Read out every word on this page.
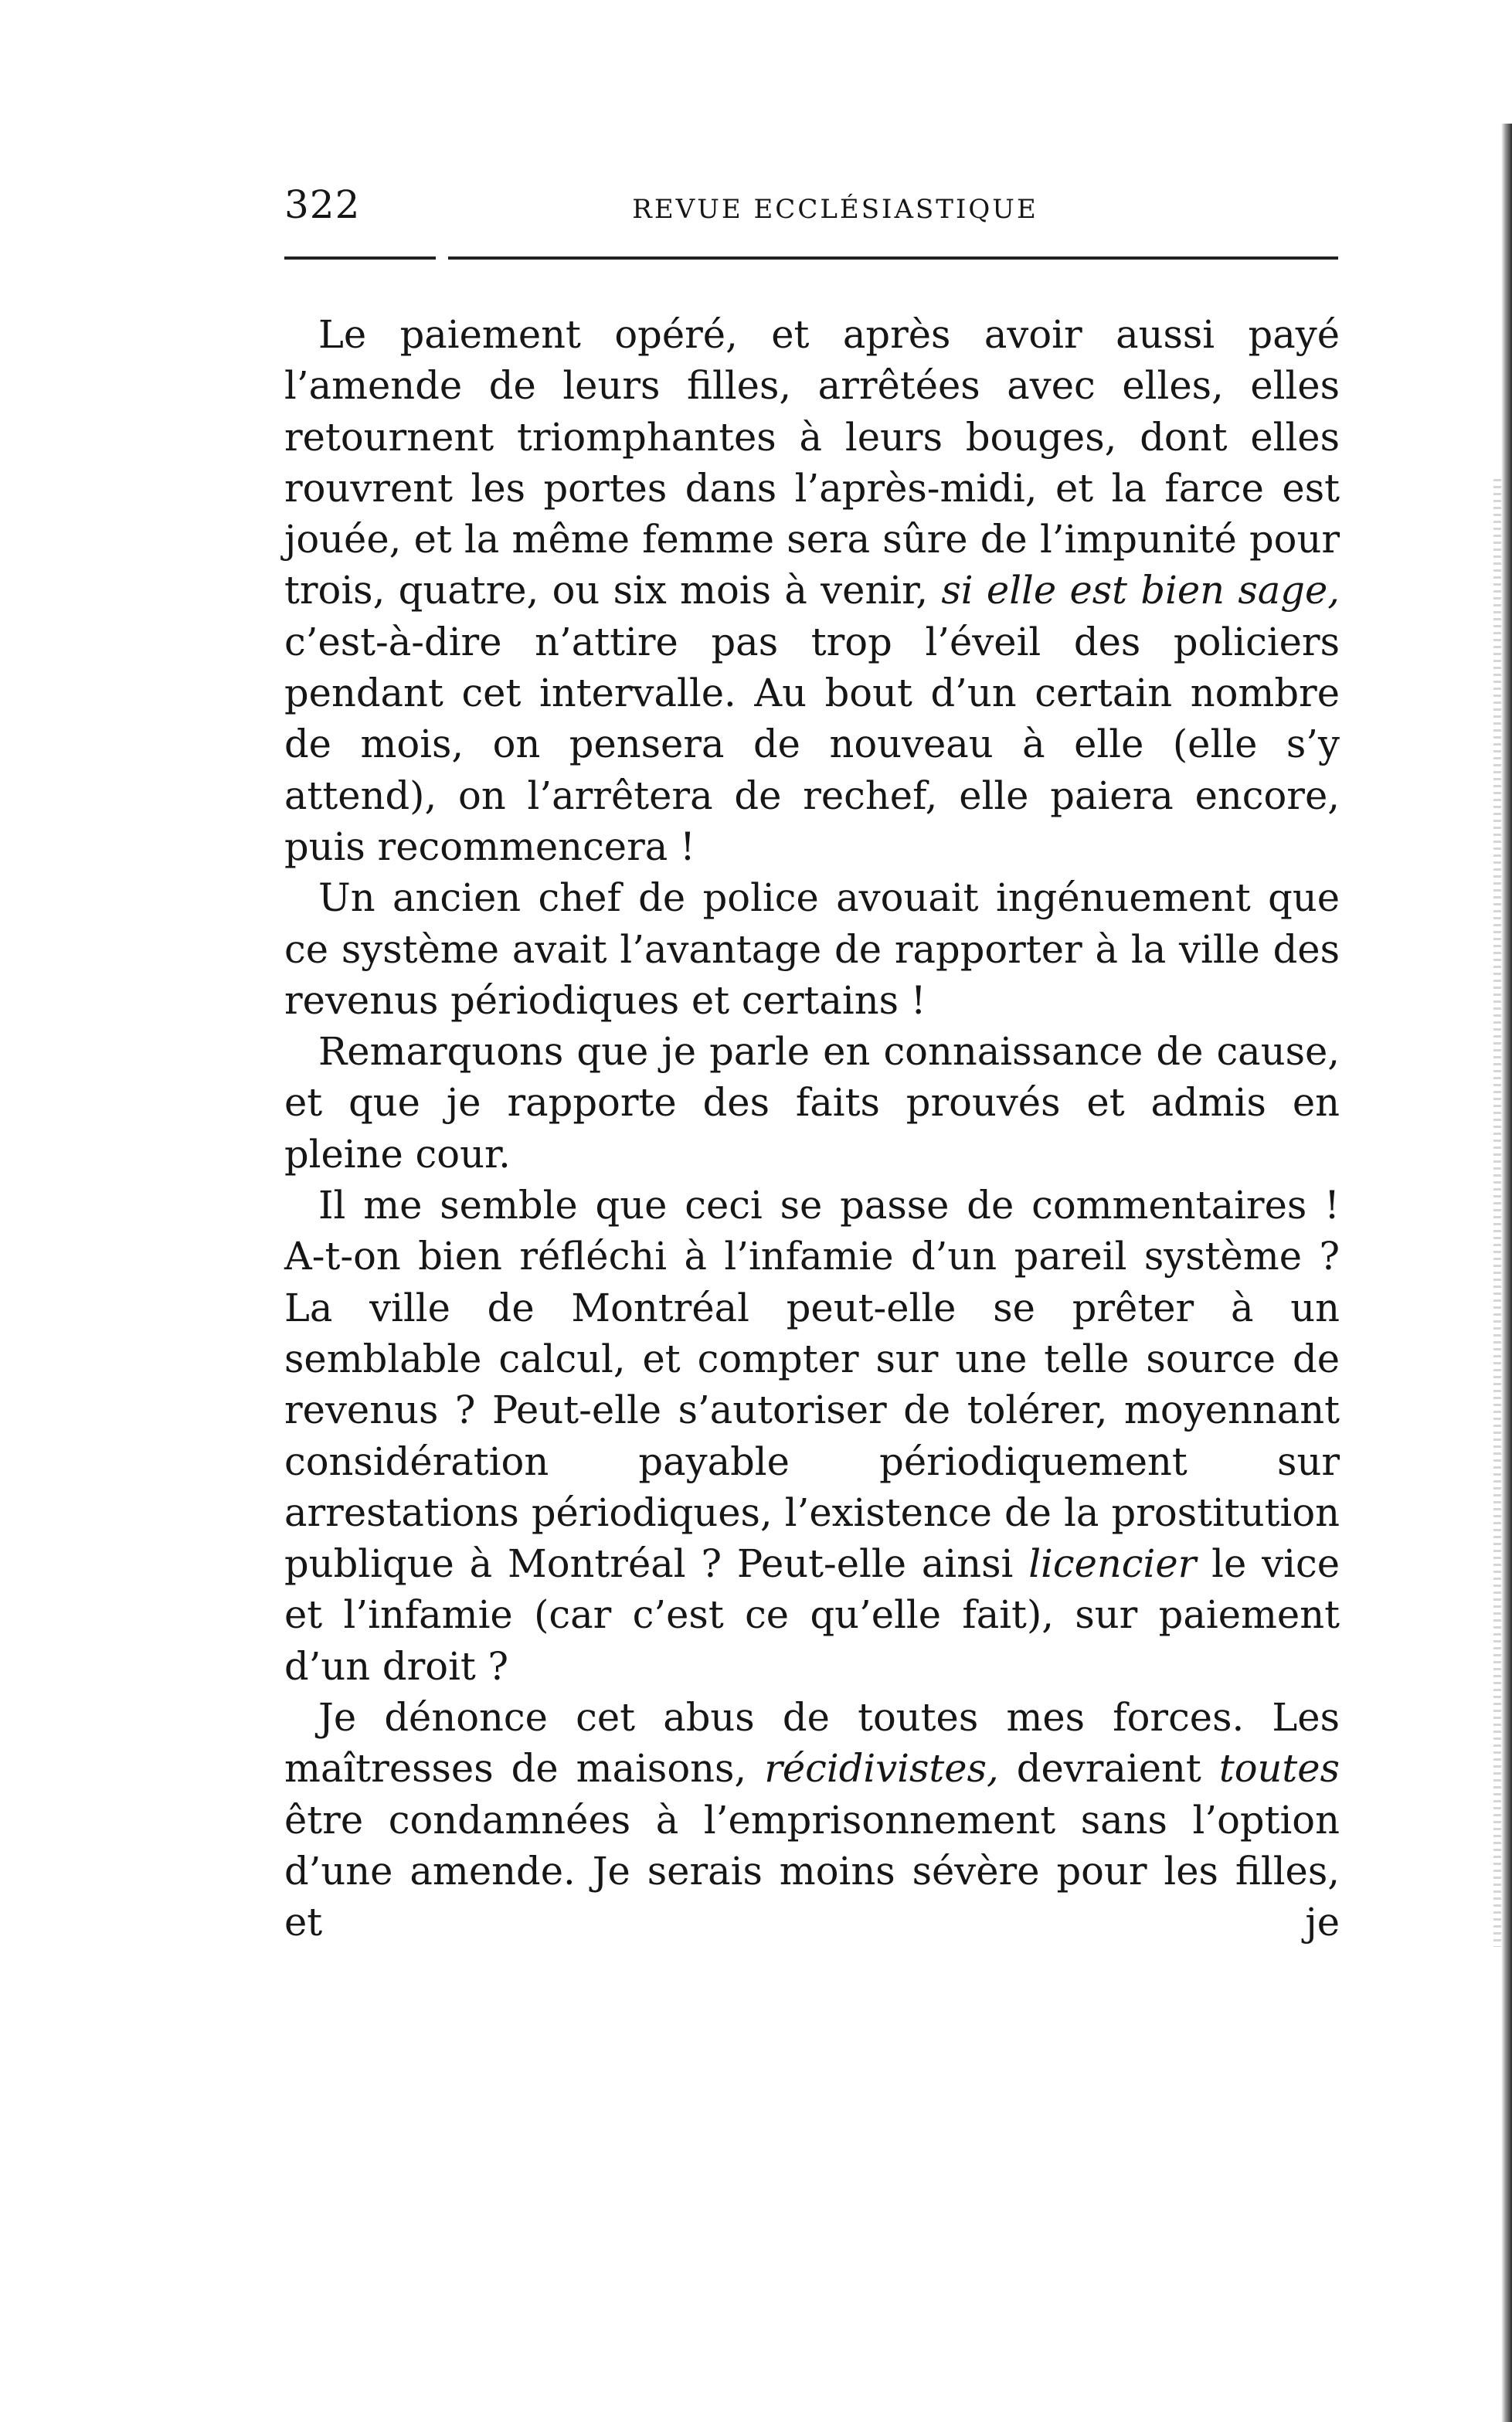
322	REVUE ECCLÉSIASTIQUE

Le paiement opéré, et après avoir aussi payé l’amende de leurs filles, arrêtées avec elles, elles retournent triomphantes à leurs bouges, dont elles rouvrent les portes dans l’après-midi, et la farce est jouée, et la même femme sera sûre de l’impunité pour trois, quatre, ou six mois à venir, si elle est bien sage, c’est-à-dire n’attire pas trop l’éveil des policiers pendant cet intervalle. Au bout d’un certain nombre de mois, on pensera de nouveau à elle (elle s’y attend), on l’arrêtera de rechef, elle paiera encore, puis recommencera !

Un ancien chef de police avouait ingénuement que ce système avait l’avantage de rapporter à la ville des revenus périodiques et certains !

Remarquons que je parle en connaissance de cause, et que je rapporte des faits prouvés et admis en pleine cour.

Il me semble que ceci se passe de commentaires ! A-t-on bien réfléchi à l’infamie d’un pareil système ? La ville de Montréal peut-elle se prêter à un semblable calcul, et compter sur une telle source de revenus ? Peut-elle s’autoriser de tolérer, moyennant considération payable périodiquement sur arrestations périodiques, l’existence de la prostitution publique à Montréal ? Peut-elle ainsi licencier le vice et l’infamie (car c’est ce qu’elle fait), sur paiement d’un droit ?

Je dénonce cet abus de toutes mes forces. Les maîtresses de maisons, récidivistes, devraient toutes être condamnées à l’emprisonnement sans l’option d’une amende. Je serais moins sévère pour les filles, et je
